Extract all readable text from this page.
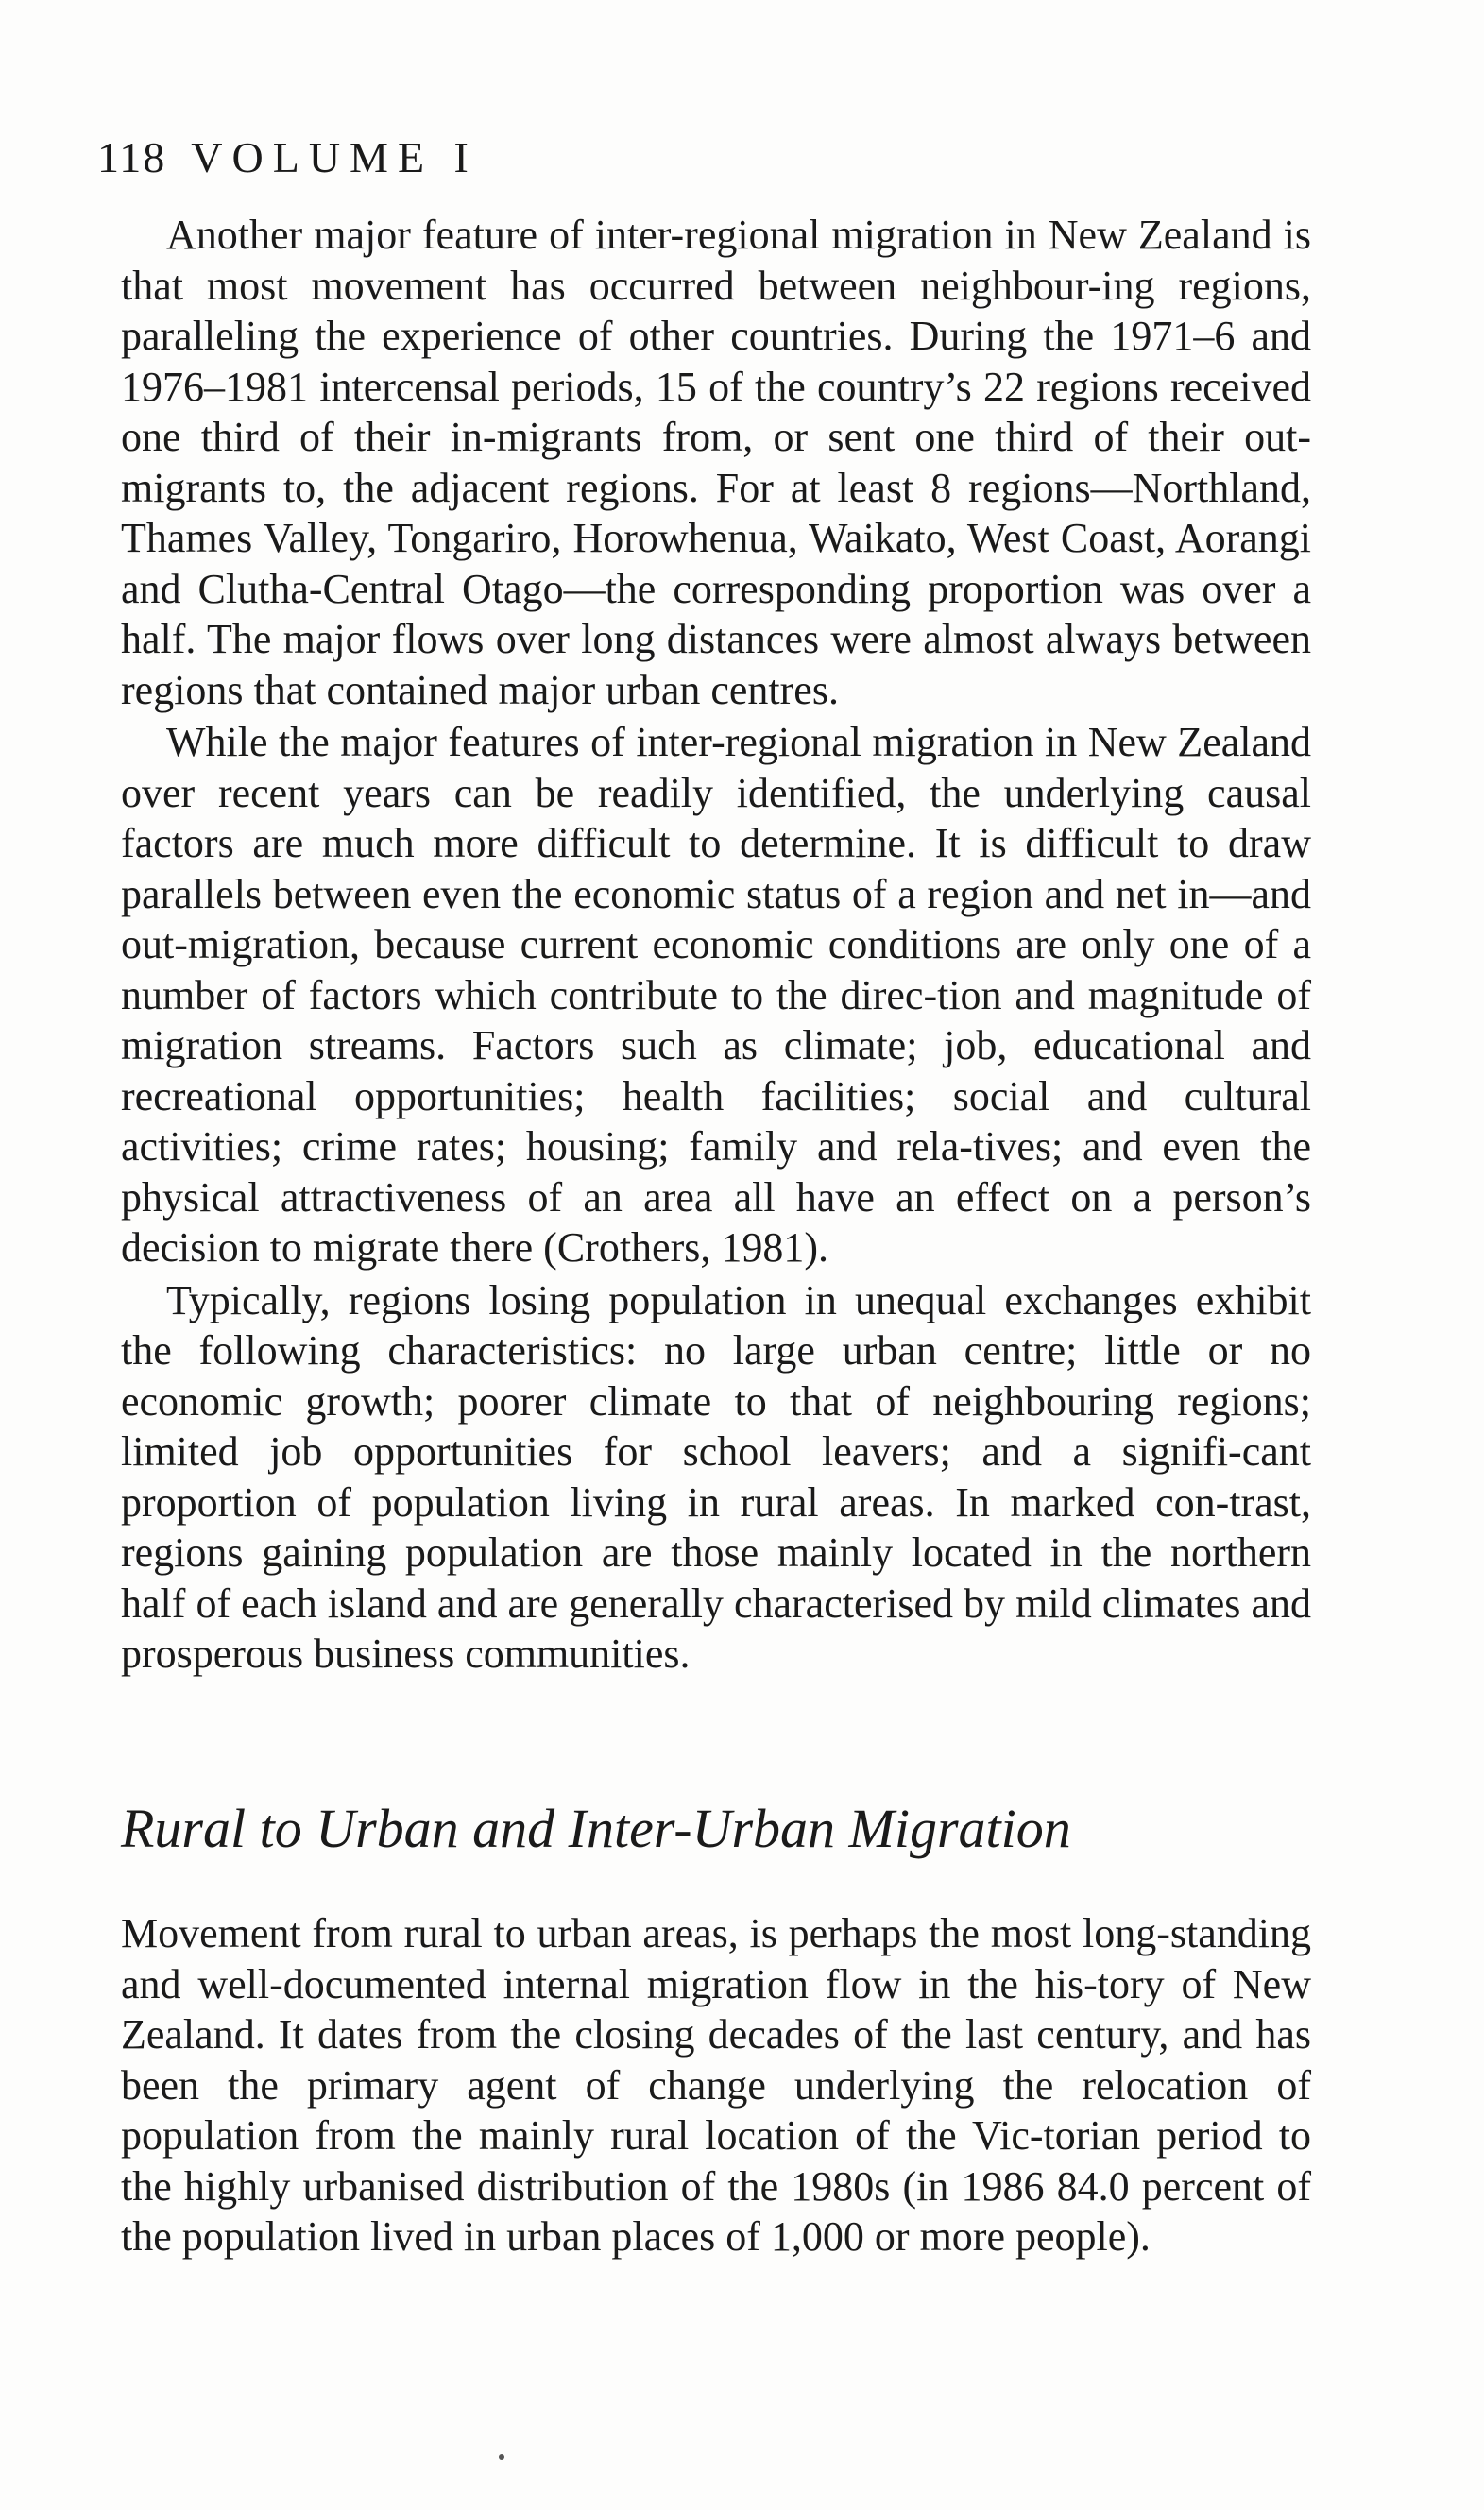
118 VOLUME I

Another major feature of inter-regional migration in New Zealand is that most movement has occurred between neighbour-ing regions, paralleling the experience of other countries. During the 1971–6 and 1976–1981 intercensal periods, 15 of the country’s 22 regions received one third of their in-migrants from, or sent one third of their out-migrants to, the adjacent regions. For at least 8 regions—Northland, Thames Valley, Tongariro, Horowhenua, Waikato, West Coast, Aorangi and Clutha-Central Otago—the corresponding proportion was over a half. The major flows over long distances were almost always between regions that contained major urban centres.

While the major features of inter-regional migration in New Zealand over recent years can be readily identified, the underlying causal factors are much more difficult to determine. It is difficult to draw parallels between even the economic status of a region and net in—and out-migration, because current economic conditions are only one of a number of factors which contribute to the direc-tion and magnitude of migration streams. Factors such as climate; job, educational and recreational opportunities; health facilities; social and cultural activities; crime rates; housing; family and rela-tives; and even the physical attractiveness of an area all have an effect on a person’s decision to migrate there (Crothers, 1981).

Typically, regions losing population in unequal exchanges exhibit the following characteristics: no large urban centre; little or no economic growth; poorer climate to that of neighbouring regions; limited job opportunities for school leavers; and a signifi-cant proportion of population living in rural areas. In marked con-trast, regions gaining population are those mainly located in the northern half of each island and are generally characterised by mild climates and prosperous business communities.

Rural to Urban and Inter-Urban Migration

Movement from rural to urban areas, is perhaps the most long-standing and well-documented internal migration flow in the his-tory of New Zealand. It dates from the closing decades of the last century, and has been the primary agent of change underlying the relocation of population from the mainly rural location of the Vic-torian period to the highly urbanised distribution of the 1980s (in 1986 84.0 percent of the population lived in urban places of 1,000 or more people).
